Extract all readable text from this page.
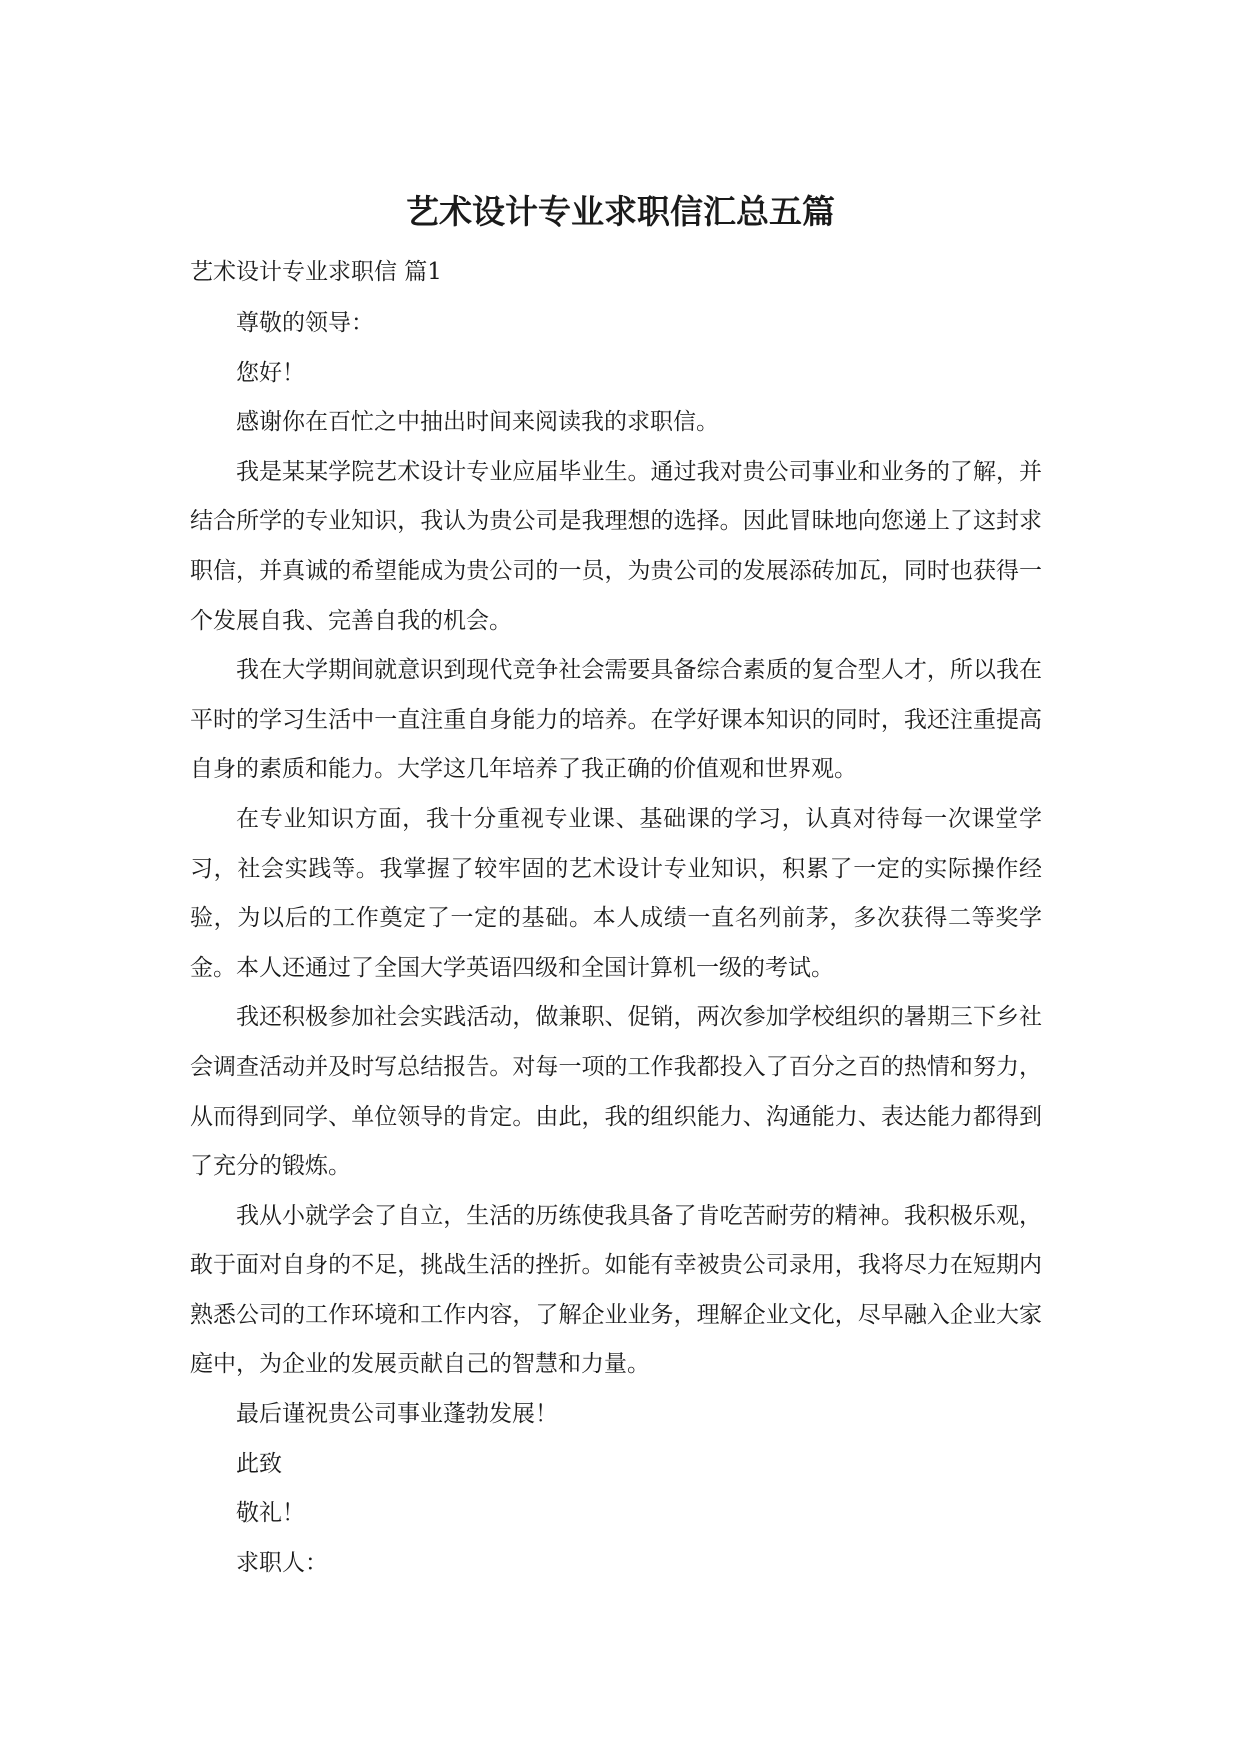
艺术设计专业求职信汇总五篇

艺术设计专业求职信 篇1

尊敬的领导：

您好！

感谢你在百忙之中抽出时间来阅读我的求职信。

我是某某学院艺术设计专业应届毕业生。通过我对贵公司事业和业务的了解，并结合所学的专业知识，我认为贵公司是我理想的选择。因此冒昧地向您递上了这封求职信，并真诚的希望能成为贵公司的一员，为贵公司的发展添砖加瓦，同时也获得一个发展自我、完善自我的机会。

我在大学期间就意识到现代竞争社会需要具备综合素质的复合型人才，所以我在平时的学习生活中一直注重自身能力的培养。在学好课本知识的同时，我还注重提高自身的素质和能力。大学这几年培养了我正确的价值观和世界观。

在专业知识方面，我十分重视专业课、基础课的学习，认真对待每一次课堂学习，社会实践等。我掌握了较牢固的艺术设计专业知识，积累了一定的实际操作经验，为以后的工作奠定了一定的基础。本人成绩一直名列前茅，多次获得二等奖学金。本人还通过了全国大学英语四级和全国计算机一级的考试。

我还积极参加社会实践活动，做兼职、促销，两次参加学校组织的暑期三下乡社会调查活动并及时写总结报告。对每一项的工作我都投入了百分之百的热情和努力，从而得到同学、单位领导的肯定。由此，我的组织能力、沟通能力、表达能力都得到了充分的锻炼。

我从小就学会了自立，生活的历练使我具备了肯吃苦耐劳的精神。我积极乐观，敢于面对自身的不足，挑战生活的挫折。如能有幸被贵公司录用，我将尽力在短期内熟悉公司的工作环境和工作内容，了解企业业务，理解企业文化，尽早融入企业大家庭中，为企业的发展贡献自己的智慧和力量。

最后谨祝贵公司事业蓬勃发展！

此致

敬礼！

求职人：
